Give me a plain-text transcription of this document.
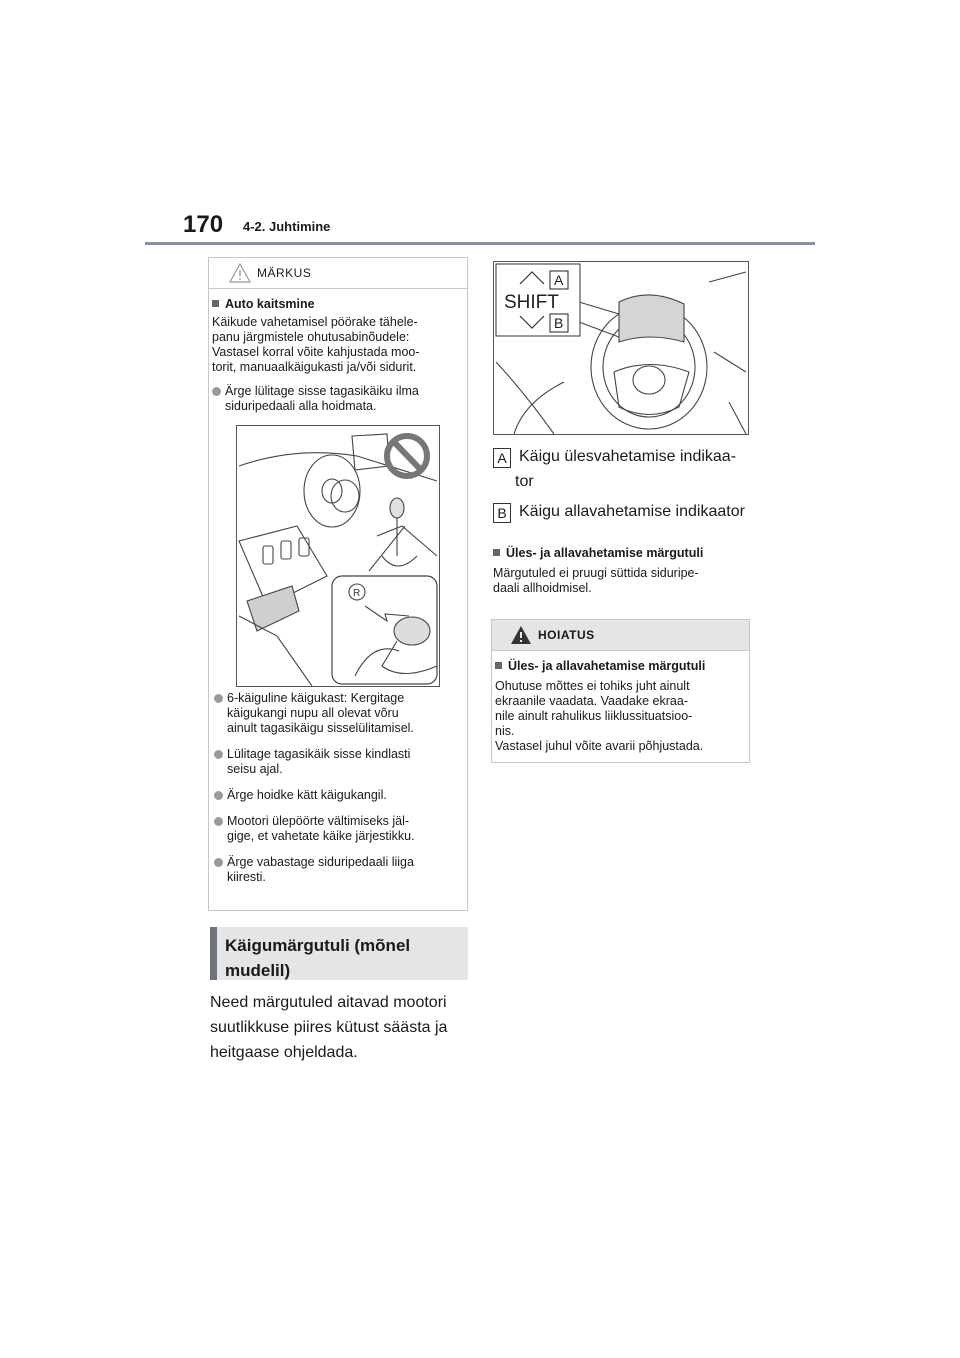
170 4-2. Juhtimine
MÄRKUS
Auto kaitsmine
Käikude vahetamisel pöörake tähele-
panu järgmistele ohutusabinõudele:
Vastasel korral võite kahjustada moo-
torit, manuaalkäigukasti ja/või sidurit.
Ärge lülitage sisse tagasikäiku ilma
siduripedaali alla hoidmata.
R
6-käiguline käigukast: Kergitage
käigukangi nupu all olevat võru
ainult tagasikäigu sisselülitamisel.
Lülitage tagasikäik sisse kindlasti
seisu ajal.
Ärge hoidke kätt käigukangil.
Mootori ülepöörte vältimiseks jäl-
gige, et vahetate käike järjestikku.
Ärge vabastage siduripedaali liiga
kiiresti.
Käigumärgutuli (mõnel
mudelil)
Need märgutuled aitavad mootori
suutlikkuse piires kütust säästa ja
heitgaase ohjeldada.
A
SHIFT
B
A Käigu ülesvahetamise indikaa-
tor
B Käigu allavahetamise indikaator
Üles- ja allavahetamise märgutuli
Märgutuled ei pruugi süttida siduripe-
daali allhoidmisel.
HOIATUS
Üles- ja allavahetamise märgutuli
Ohutuse mõttes ei tohiks juht ainult
ekraanile vaadata. Vaadake ekraa-
nile ainult rahulikus liiklussituatsioo-
nis.
Vastasel juhul võite avarii põhjustada.
